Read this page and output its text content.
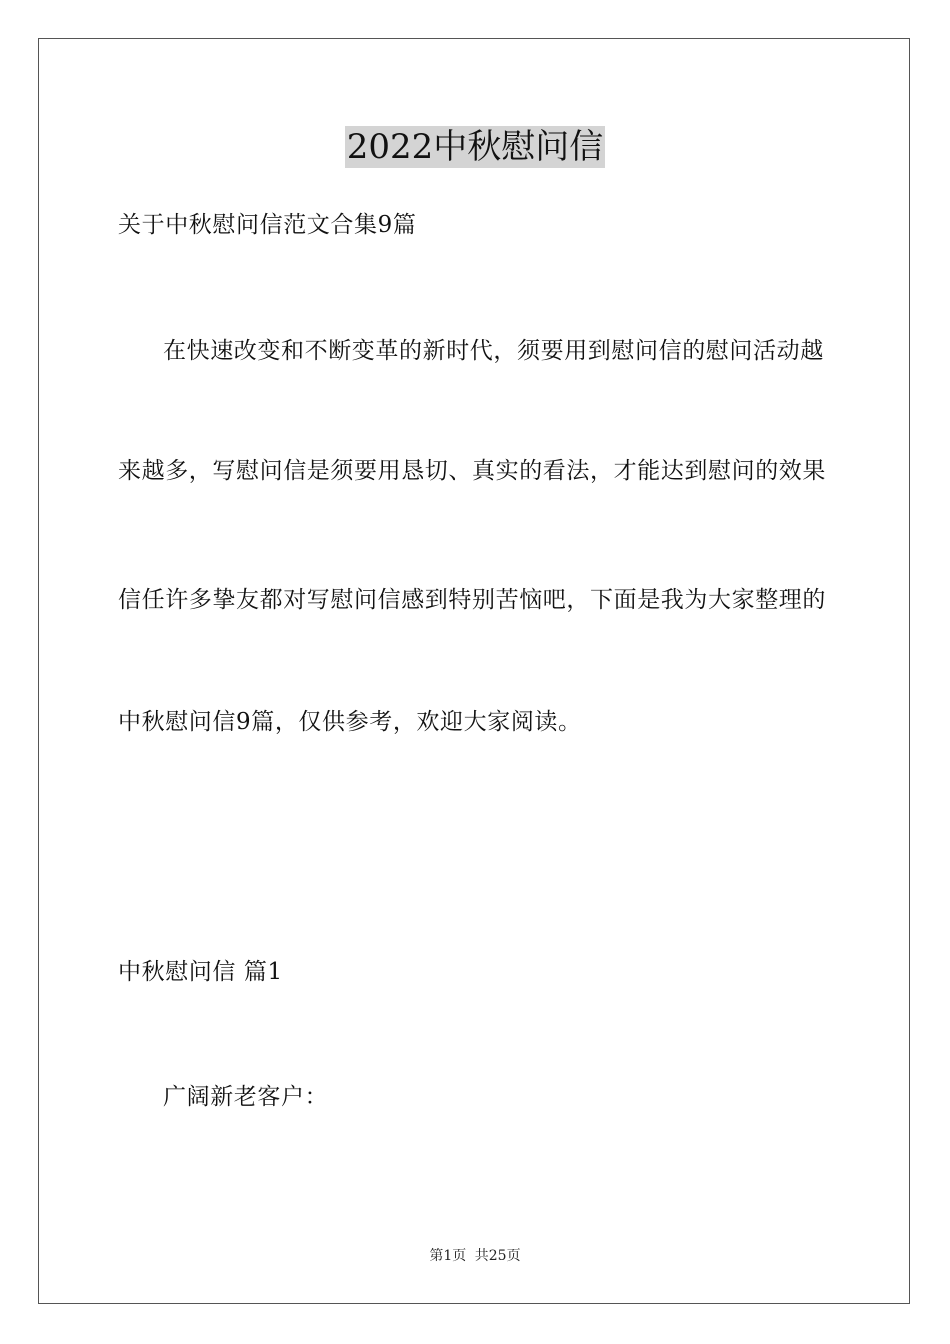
2022中秋慰问信
关于中秋慰问信范文合集9篇
在快速改变和不断变革的新时代，须要用到慰问信的慰问活动越
来越多，写慰问信是须要用恳切、真实的看法，才能达到慰问的效果
信任许多挚友都对写慰问信感到特别苦恼吧，下面是我为大家整理的
中秋慰问信9篇，仅供参考，欢迎大家阅读。
中秋慰问信 篇1
广阔新老客户：
第1页 共25页
